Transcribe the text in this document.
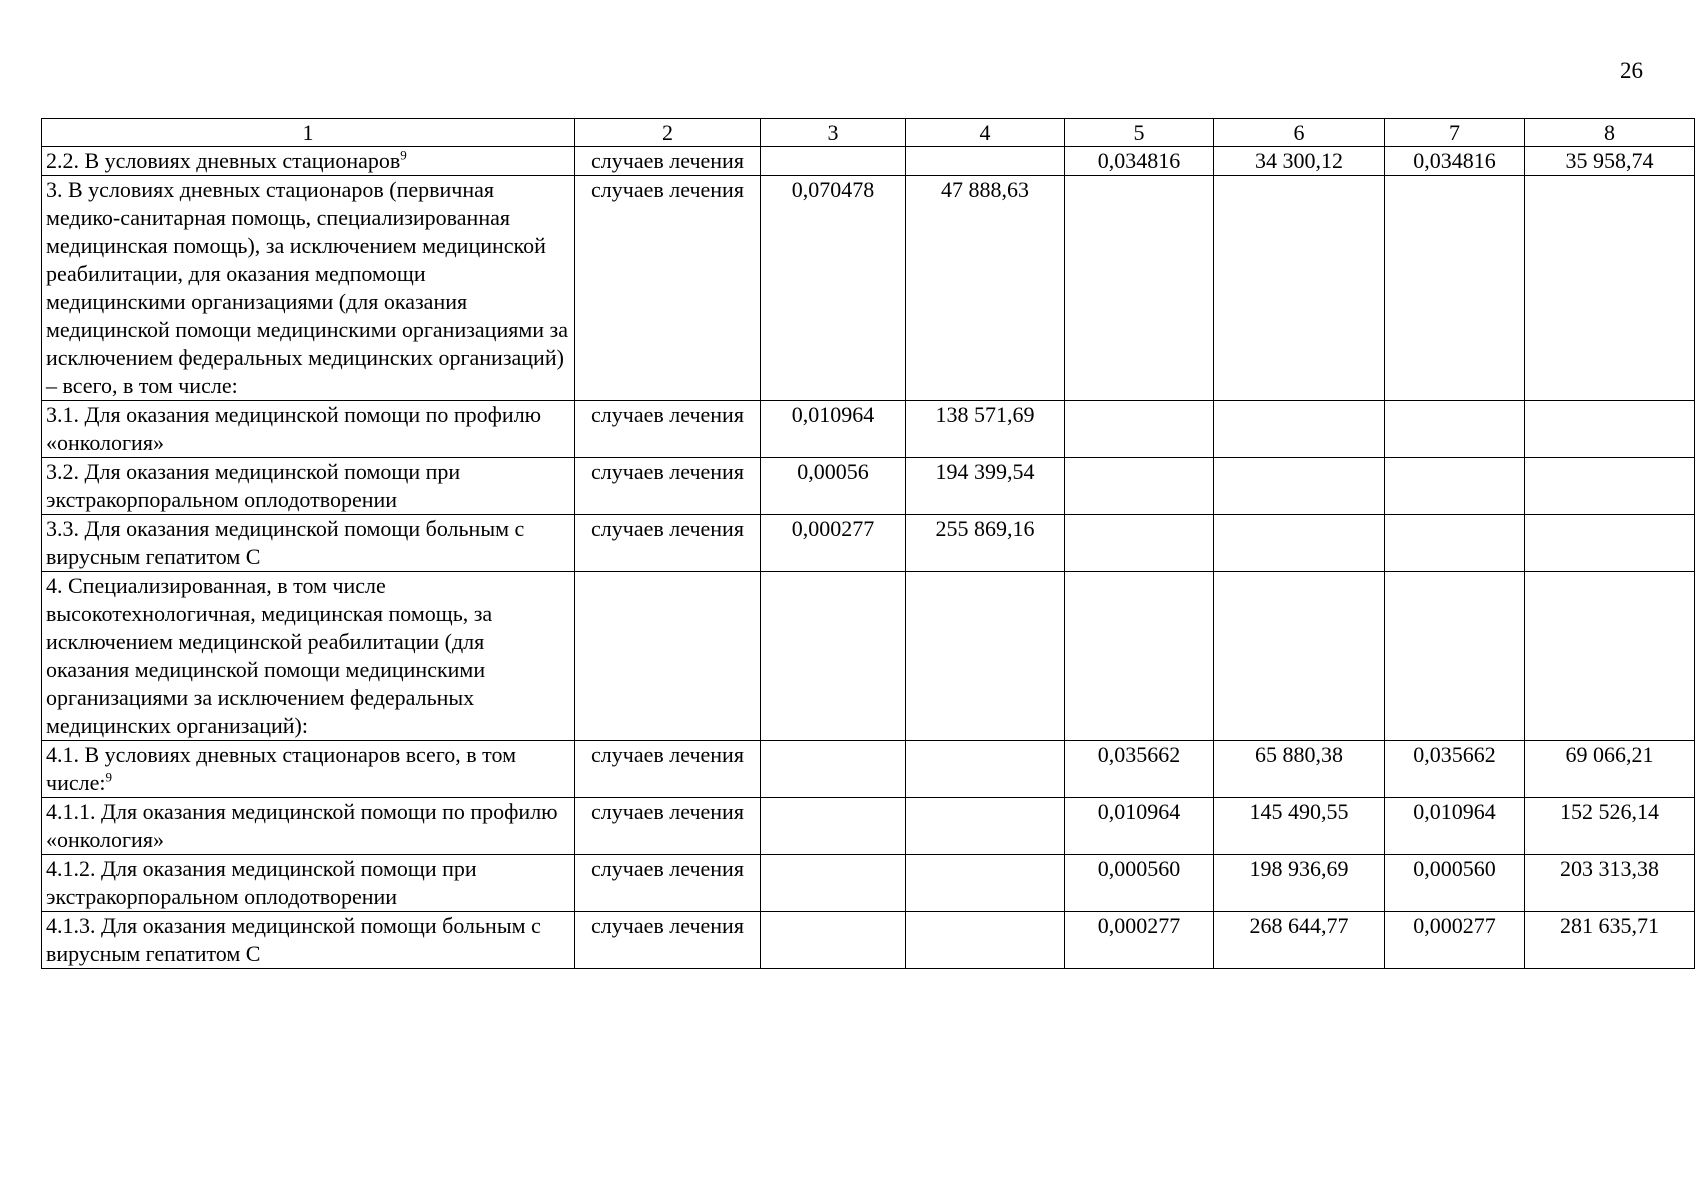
26
1	2	3	4	5	6	7	8
2.2. В условиях дневных стационаров$^9$	случаев лечения			0,034816	34 300,12	0,034816	35 958,74
3. В условиях дневных стационаров (первичная медико-санитарная помощь, специализированная медицинская помощь), за исключением медицинской реабилитации, для оказания медпомощи медицинскими организациями (для оказания медицинской помощи медицинскими организациями за исключением федеральных медицинских организаций) – всего, в том числе:	случаев лечения	0,070478	47 888,63				
3.1. Для оказания медицинской помощи по профилю «онкология»	случаев лечения	0,010964	138 571,69				
3.2. Для оказания медицинской помощи при экстракорпоральном оплодотворении	случаев лечения	0,00056	194 399,54				
3.3. Для оказания медицинской помощи больным с вирусным гепатитом С	случаев лечения	0,000277	255 869,16				
4. Специализированная, в том числе высокотехнологичная, медицинская помощь, за исключением медицинской реабилитации (для оказания медицинской помощи медицинскими организациями за исключением федеральных медицинских организаций):							
4.1. В условиях дневных стационаров всего, в том числе:$^9$	случаев лечения			0,035662	65 880,38	0,035662	69 066,21
4.1.1. Для оказания медицинской помощи по профилю «онкология»	случаев лечения			0,010964	145 490,55	0,010964	152 526,14
4.1.2. Для оказания медицинской помощи при экстракорпоральном оплодотворении	случаев лечения			0,000560	198 936,69	0,000560	203 313,38
4.1.3. Для оказания медицинской помощи больным с вирусным гепатитом С	случаев лечения			0,000277	268 644,77	0,000277	281 635,71
